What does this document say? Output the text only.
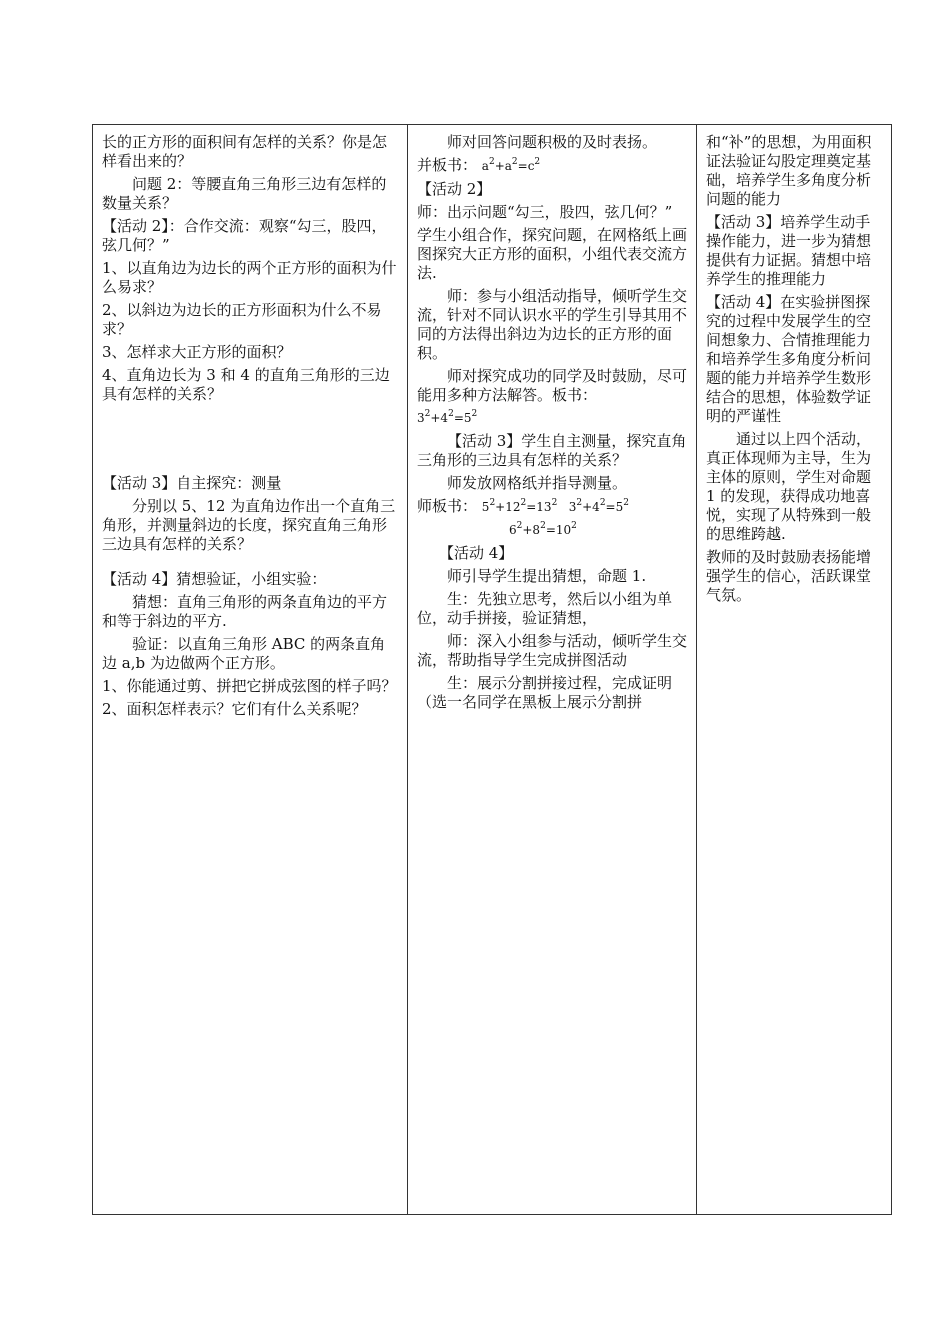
长的正方形的面积间有怎样的关系？你是怎样看出来的？
问题 2：等腰直角三角形三边有怎样的数量关系？
【活动 2】：合作交流：观察“勾三，股四，弦几何？”
1、以直角边为边长的两个正方形的面积为什么易求？
2、以斜边为边长的正方形面积为什么不易求？
3、怎样求大正方形的面积？
4、直角边长为 3 和 4 的直角三角形的三边具有怎样的关系？
【活动 3】自主探究：测量
分别以 5、12 为直角边作出一个直角三角形，并测量斜边的长度，探究直角三角形三边具有怎样的关系？
【活动 4】猜想验证，小组实验：
猜想：直角三角形的两条直角边的平方和等于斜边的平方.
验证：以直角三角形 ABC 的两条直角边 a,b 为边做两个正方形。
1、你能通过剪、拼把它拼成弦图的样子吗？
2、面积怎样表示？它们有什么关系呢？

师对回答问题积极的及时表扬。
并板书： $a^2+a^2=c^2$
【活动 2】
师：出示问题“勾三，股四，弦几何？”
学生小组合作，探究问题，在网格纸上画图探究大正方形的面积，小组代表交流方法.
师：参与小组活动指导，倾听学生交流，针对不同认识水平的学生引导其用不同的方法得出斜边为边长的正方形的面积。
师对探究成功的同学及时鼓励，尽可能用多种方法解答。板书：
$3^2+4^2=5^2$
【活动 3】学生自主测量，探究直角三角形的三边具有怎样的关系？
师发放网格纸并指导测量。
师板书： $5^2+12^2=13^2$   $3^2+4^2=5^2$
$6^2+8^2=10^2$
【活动 4】
师引导学生提出猜想，命题 1.
生：先独立思考，然后以小组为单位，动手拼接，验证猜想，
师：深入小组参与活动，倾听学生交流，帮助指导学生完成拼图活动
生：展示分割拼接过程，完成证明（选一名同学在黑板上展示分割拼

和“补”的思想，为用面积证法验证勾股定理奠定基础，培养学生多角度分析问题的能力
【活动 3】培养学生动手操作能力，进一步为猜想提供有力证据。猜想中培养学生的推理能力
【活动 4】在实验拼图探究的过程中发展学生的空间想象力、合情推理能力和培养学生多角度分析问题的能力并培养学生数形结合的思想，体验数学证明的严谨性
通过以上四个活动，真正体现师为主导，生为主体的原则，学生对命题 1 的发现，获得成功地喜悦，实现了从特殊到一般的思维跨越.
教师的及时鼓励表扬能增强学生的信心，活跃课堂气氛。
